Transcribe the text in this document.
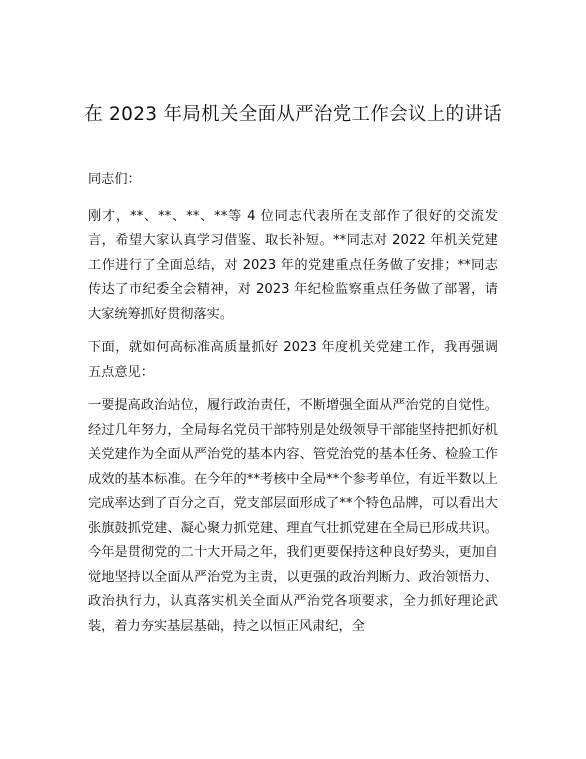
在 2023 年局机关全面从严治党工作会议上的讲话

同志们：

刚才，**、**、**、**等 4 位同志代表所在支部作了很好的交流发言，希望大家认真学习借鉴、取长补短。**同志对 2022 年机关党建工作进行了全面总结，对 2023 年的党建重点任务做了安排；**同志传达了市纪委全会精神，对 2023 年纪检监察重点任务做了部署，请大家统筹抓好贯彻落实。

下面，就如何高标准高质量抓好 2023 年度机关党建工作，我再强调五点意见：

一要提高政治站位，履行政治责任，不断增强全面从严治党的自觉性。经过几年努力，全局每名党员干部特别是处级领导干部能坚持把抓好机关党建作为全面从严治党的基本内容、管党治党的基本任务、检验工作成效的基本标准。在今年的**考核中全局**个参考单位，有近半数以上完成率达到了百分之百，党支部层面形成了**个特色品牌，可以看出大张旗鼓抓党建、凝心聚力抓党建、理直气壮抓党建在全局已形成共识。今年是贯彻党的二十大开局之年，我们更要保持这种良好势头，更加自觉地坚持以全面从严治党为主责，以更强的政治判断力、政治领悟力、政治执行力，认真落实机关全面从严治党各项要求，全力抓好理论武装，着力夯实基层基础，持之以恒正风肃纪，全
